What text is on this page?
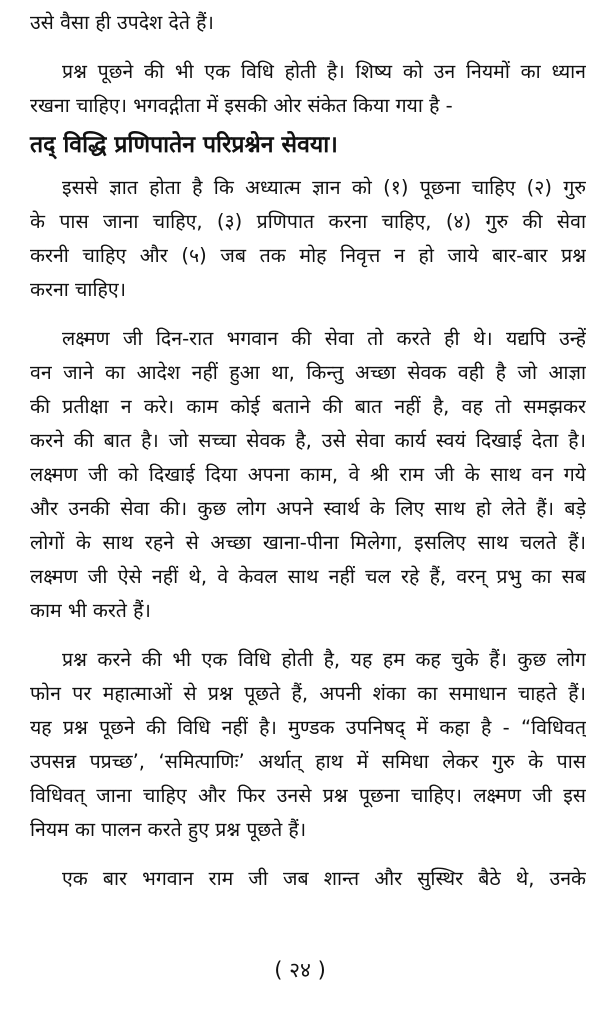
उसे वैसा ही उपदेश देते हैं।
प्रश्न पूछने की भी एक विधि होती है। शिष्य को उन नियमों का ध्यान
रखना चाहिए। भगवद्गीता में इसकी ओर संकेत किया गया है -
तद् विद्धि प्रणिपातेन परिप्रश्नेन सेवया।
इससे ज्ञात होता है कि अध्यात्म ज्ञान को (१) पूछना चाहिए (२) गुरु
के पास जाना चाहिए, (३) प्रणिपात करना चाहिए, (४) गुरु की सेवा
करनी चाहिए और (५) जब तक मोह निवृत्त न हो जाये बार-बार प्रश्न
करना चाहिए।
लक्ष्मण जी दिन-रात भगवान की सेवा तो करते ही थे। यद्यपि उन्हें
वन जाने का आदेश नहीं हुआ था, किन्तु अच्छा सेवक वही है जो आज्ञा
की प्रतीक्षा न करे। काम कोई बताने की बात नहीं है, वह तो समझकर
करने की बात है। जो सच्चा सेवक है, उसे सेवा कार्य स्वयं दिखाई देता है।
लक्ष्मण जी को दिखाई दिया अपना काम, वे श्री राम जी के साथ वन गये
और उनकी सेवा की। कुछ लोग अपने स्वार्थ के लिए साथ हो लेते हैं। बड़े
लोगों के साथ रहने से अच्छा खाना-पीना मिलेगा, इसलिए साथ चलते हैं।
लक्ष्मण जी ऐसे नहीं थे, वे केवल साथ नहीं चल रहे हैं, वरन् प्रभु का सब
काम भी करते हैं।
प्रश्न करने की भी एक विधि होती है, यह हम कह चुके हैं। कुछ लोग
फोन पर महात्माओं से प्रश्न पूछते हैं, अपनी शंका का समाधान चाहते हैं।
यह प्रश्न पूछने की विधि नहीं है। मुण्डक उपनिषद् में कहा है - “विधिवत्
उपसन्न पप्रच्छ’, ‘समित्पाणिः’ अर्थात् हाथ में समिधा लेकर गुरु के पास
विधिवत् जाना चाहिए और फिर उनसे प्रश्न पूछना चाहिए। लक्ष्मण जी इस
नियम का पालन करते हुए प्रश्न पूछते हैं।
एक बार भगवान राम जी जब शान्त और सुस्थिर बैठे थे, उनके
( २४ )
